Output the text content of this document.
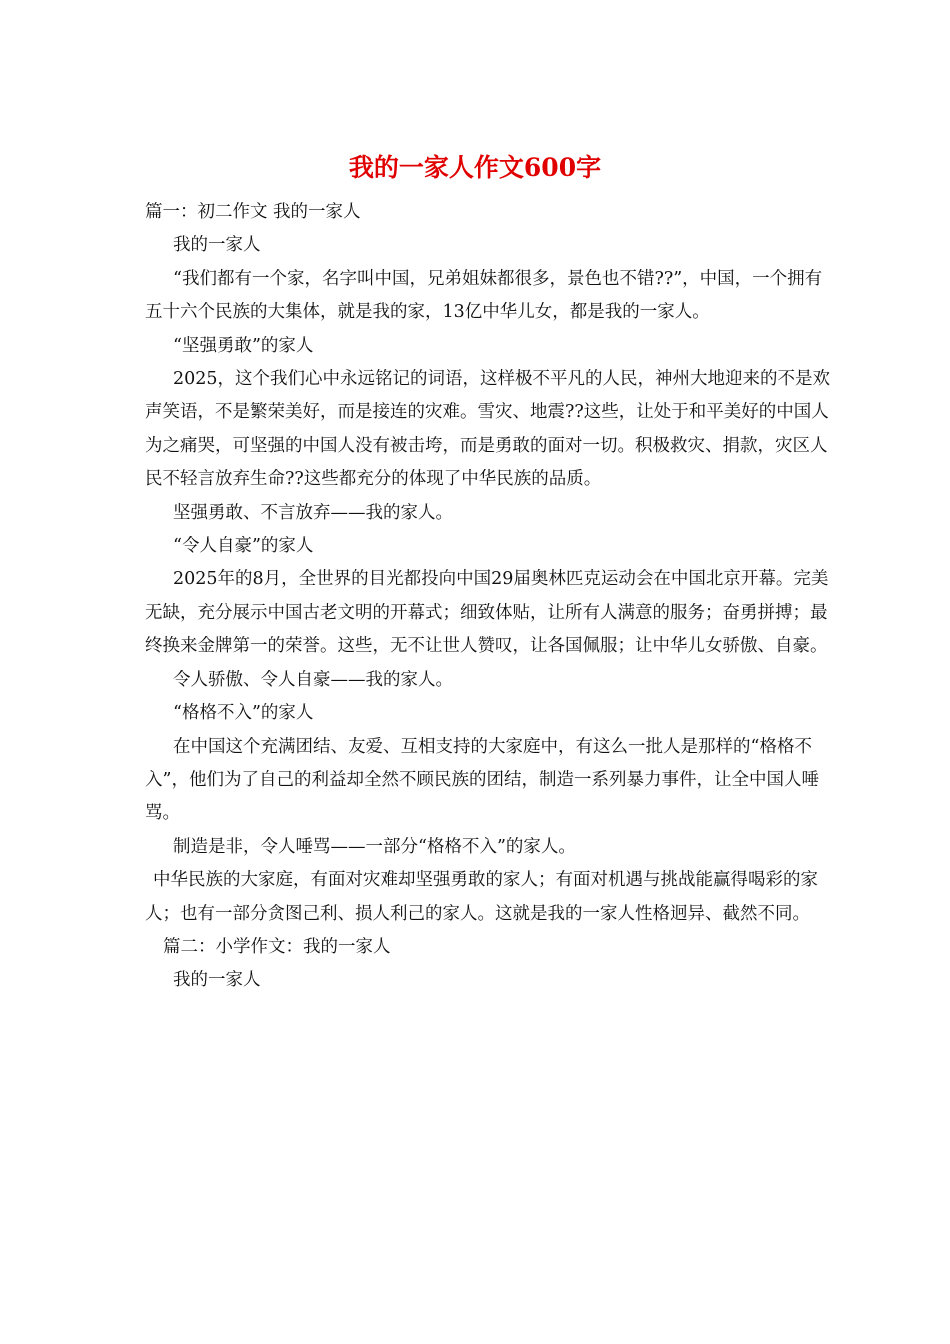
我的一家人作文600字

篇一：初二作文 我的一家人

我的一家人

“我们都有一个家，名字叫中国，兄弟姐妹都很多，景色也不错??”，中国，一个拥有五十六个民族的大集体，就是我的家，13亿中华儿女，都是我的一家人。

“坚强勇敢”的家人

2025，这个我们心中永远铭记的词语，这样极不平凡的人民，神州大地迎来的不是欢声笑语，不是繁荣美好，而是接连的灾难。雪灾、地震??这些，让处于和平美好的中国人为之痛哭，可坚强的中国人没有被击垮，而是勇敢的面对一切。积极救灾、捐款，灾区人民不轻言放弃生命??这些都充分的体现了中华民族的品质。

坚强勇敢、不言放弃——我的家人。

“令人自豪”的家人

2025年的8月，全世界的目光都投向中国29届奥林匹克运动会在中国北京开幕。完美无缺，充分展示中国古老文明的开幕式；细致体贴，让所有人满意的服务；奋勇拼搏；最终换来金牌第一的荣誉。这些，无不让世人赞叹，让各国佩服；让中华儿女骄傲、自豪。

令人骄傲、令人自豪——我的家人。

“格格不入”的家人

在中国这个充满团结、友爱、互相支持的大家庭中，有这么一批人是那样的“格格不入”，他们为了自己的利益却全然不顾民族的团结，制造一系列暴力事件，让全中国人唾骂。

制造是非，令人唾骂——一部分“格格不入”的家人。

中华民族的大家庭，有面对灾难却坚强勇敢的家人；有面对机遇与挑战能赢得喝彩的家人；也有一部分贪图己利、损人利己的家人。这就是我的一家人性格迥异、截然不同。

篇二：小学作文：我的一家人

我的一家人
